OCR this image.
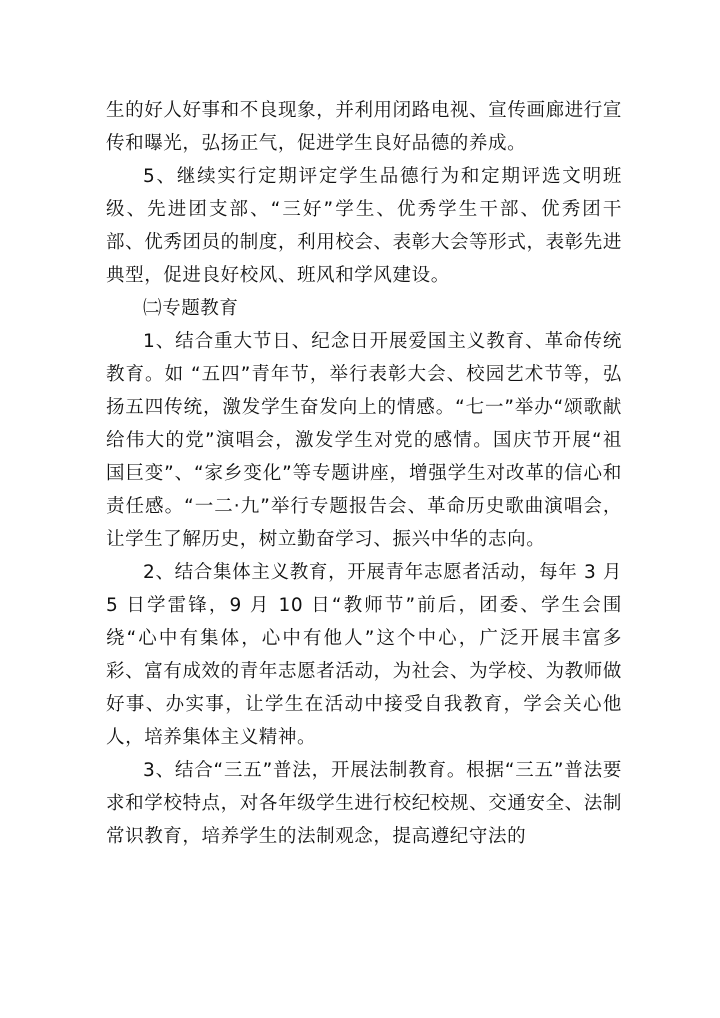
生的好人好事和不良现象，并利用闭路电视、宣传画廊进行宣传和曝光，弘扬正气，促进学生良好品德的养成。

5、继续实行定期评定学生品德行为和定期评选文明班级、先进团支部、“三好”学生、优秀学生干部、优秀团干部、优秀团员的制度，利用校会、表彰大会等形式，表彰先进典型，促进良好校风、班风和学风建设。

㈡专题教育

1、结合重大节日、纪念日开展爱国主义教育、革命传统教育。如 “五四”青年节，举行表彰大会、校园艺术节等，弘扬五四传统，激发学生奋发向上的情感。“七一”举办“颂歌献给伟大的党”演唱会，激发学生对党的感情。国庆节开展“祖国巨变”、“家乡变化”等专题讲座，增强学生对改革的信心和责任感。“一二·九”举行专题报告会、革命历史歌曲演唱会，让学生了解历史，树立勤奋学习、振兴中华的志向。

2、结合集体主义教育，开展青年志愿者活动，每年 3 月 5 日学雷锋，9 月 10 日“教师节”前后，团委、学生会围绕“心中有集体，心中有他人”这个中心，广泛开展丰富多彩、富有成效的青年志愿者活动，为社会、为学校、为教师做好事、办实事，让学生在活动中接受自我教育，学会关心他人，培养集体主义精神。

3、结合“三五”普法，开展法制教育。根据“三五”普法要求和学校特点，对各年级学生进行校纪校规、交通安全、法制常识教育，培养学生的法制观念，提高遵纪守法的
